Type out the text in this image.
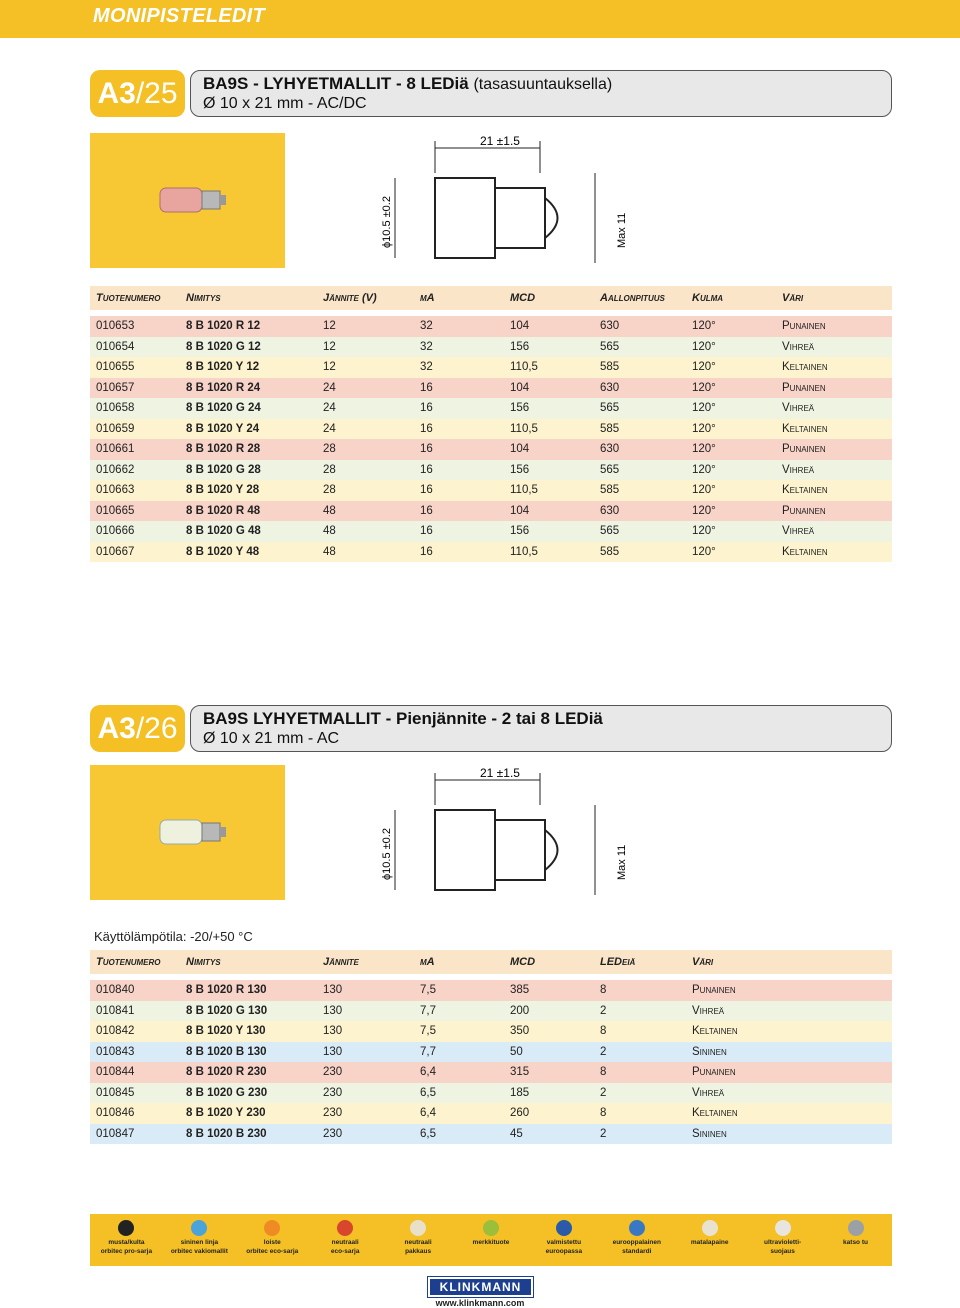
MONIPISTELEDIT
A3 /25 BA9S - LYHYETMALLIT - 8 LEDiä (tasasuuntauksella)
Ø 10 x 21 mm - AC/DC
21 ±1.5
ϕ10.5 ±0.2	Max 11
Tuotenumero	Nimitys	Jännite (V)	mA	MCD	Aallonpituus	Kulma	Väri
010653	8 B 1020 R 12	12	32	104	630	120°	Punainen
010654	8 B 1020 G 12	12	32	156	565	120°	Vihreä
010655	8 B 1020 Y 12	12	32	110,5	585	120°	Keltainen
010657	8 B 1020 R 24	24	16	104	630	120°	Punainen
010658	8 B 1020 G 24	24	16	156	565	120°	Vihreä
010659	8 B 1020 Y 24	24	16	110,5	585	120°	Keltainen
010661	8 B 1020 R 28	28	16	104	630	120°	Punainen
010662	8 B 1020 G 28	28	16	156	565	120°	Vihreä
010663	8 B 1020 Y 28	28	16	110,5	585	120°	Keltainen
010665	8 B 1020 R 48	48	16	104	630	120°	Punainen
010666	8 B 1020 G 48	48	16	156	565	120°	Vihreä
010667	8 B 1020 Y 48	48	16	110,5	585	120°	Keltainen
A3 /26 BA9S LYHYETMALLIT - Pienjännite - 2 tai 8 LEDiä
Ø 10 x 21 mm - AC
21 ±1.5
ϕ10.5 ±0.2	Max 11
Käyttölämpötila: -20/+50 °C
Tuotenumero	Nimitys	Jännite	mA	MCD	LEDeiä	Väri
010840	8 B 1020 R 130	130	7,5	385	8	Punainen
010841	8 B 1020 G 130	130	7,7	200	2	Vihreä
010842	8 B 1020 Y 130	130	7,5	350	8	Keltainen
010843	8 B 1020 B 130	130	7,7	50	2	Sininen
010844	8 B 1020 R 230	230	6,4	315	8	Punainen
010845	8 B 1020 G 230	230	6,5	185	2	Vihreä
010846	8 B 1020 Y 230	230	6,4	260	8	Keltainen
010847	8 B 1020 B 230	230	6,5	45	2	Sininen
musta/kulta
orbitec pro-sarja
sininen linja
orbitec vakiomallit
loiste
orbitec eco-sarja
neutraali
eco-sarja
neutraali
pakkaus
merkkituote	valmistettu
euroopassa
eurooppalainen
standardi
matalapaine	ultravioletti-
suojaus
katso tu
KLINKMANN
www.klinkmann.com
